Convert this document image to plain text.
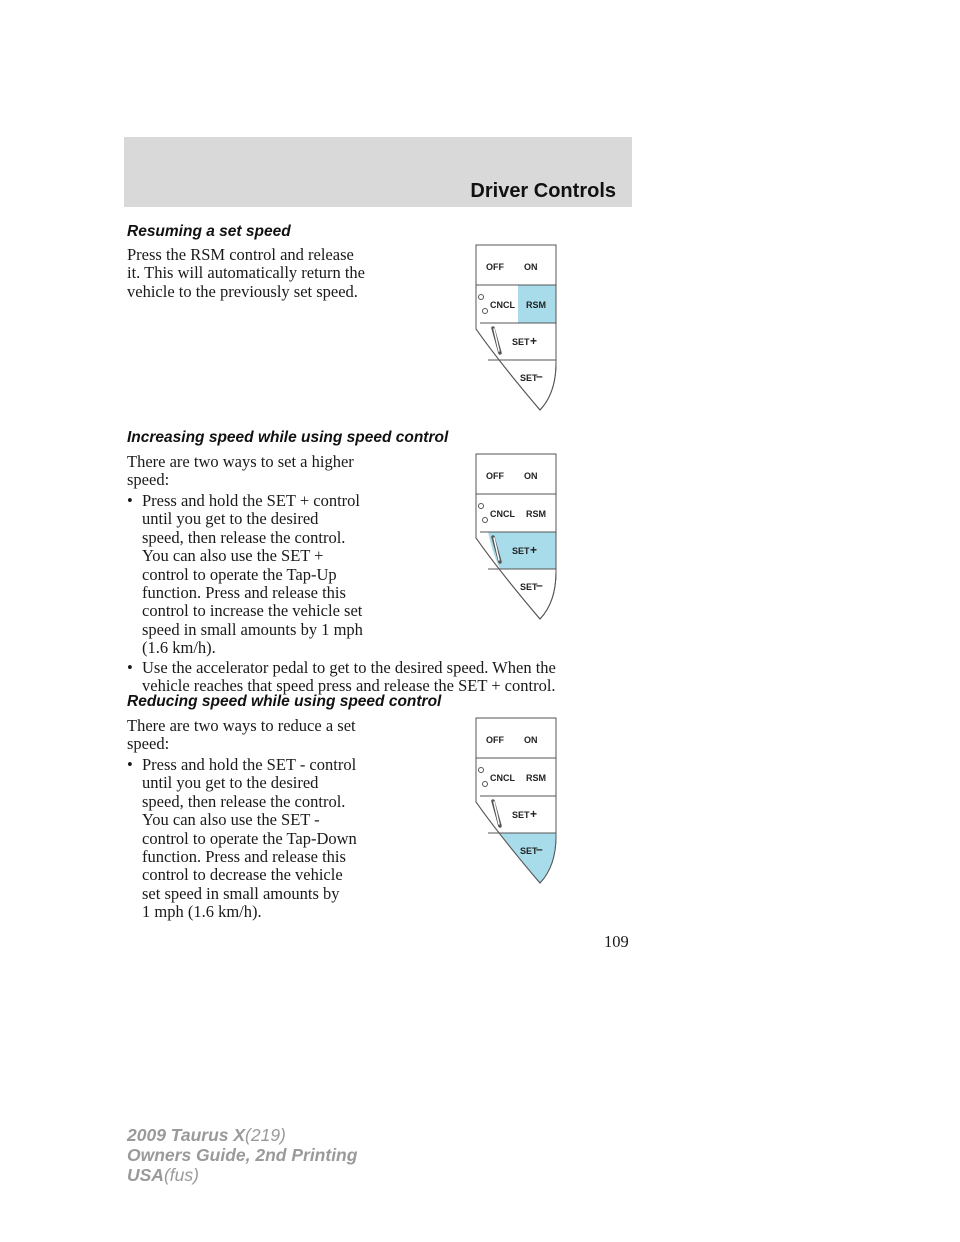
Driver Controls
Resuming a set speed
Press the RSM control and release
it. This will automatically return the
vehicle to the previously set speed.
OFF ON
CNCL RSM
SET +
SET
–
Increasing speed while using speed control
There are two ways to set a higher
speed:
• Press and hold the SET + control
until you get to the desired
speed, then release the control.
You can also use the SET +
control to operate the Tap-Up
function. Press and release this
control to increase the vehicle set
speed in small amounts by 1 mph
(1.6 km/h).
• Use the accelerator pedal to get to the desired speed. When the
vehicle reaches that speed press and release the SET + control.
OFF ON
CNCL RSM
SET +
SET
–
Reducing speed while using speed control
There are two ways to reduce a set
speed:
• Press and hold the SET - control
until you get to the desired
speed, then release the control.
You can also use the SET -
control to operate the Tap-Down
function. Press and release this
control to decrease the vehicle
set speed in small amounts by
1 mph (1.6 km/h).
OFF ON
CNCL RSM
SET +
SET
–
109
2009 Taurus X(219)
Owners Guide, 2nd Printing
USA(fus)
